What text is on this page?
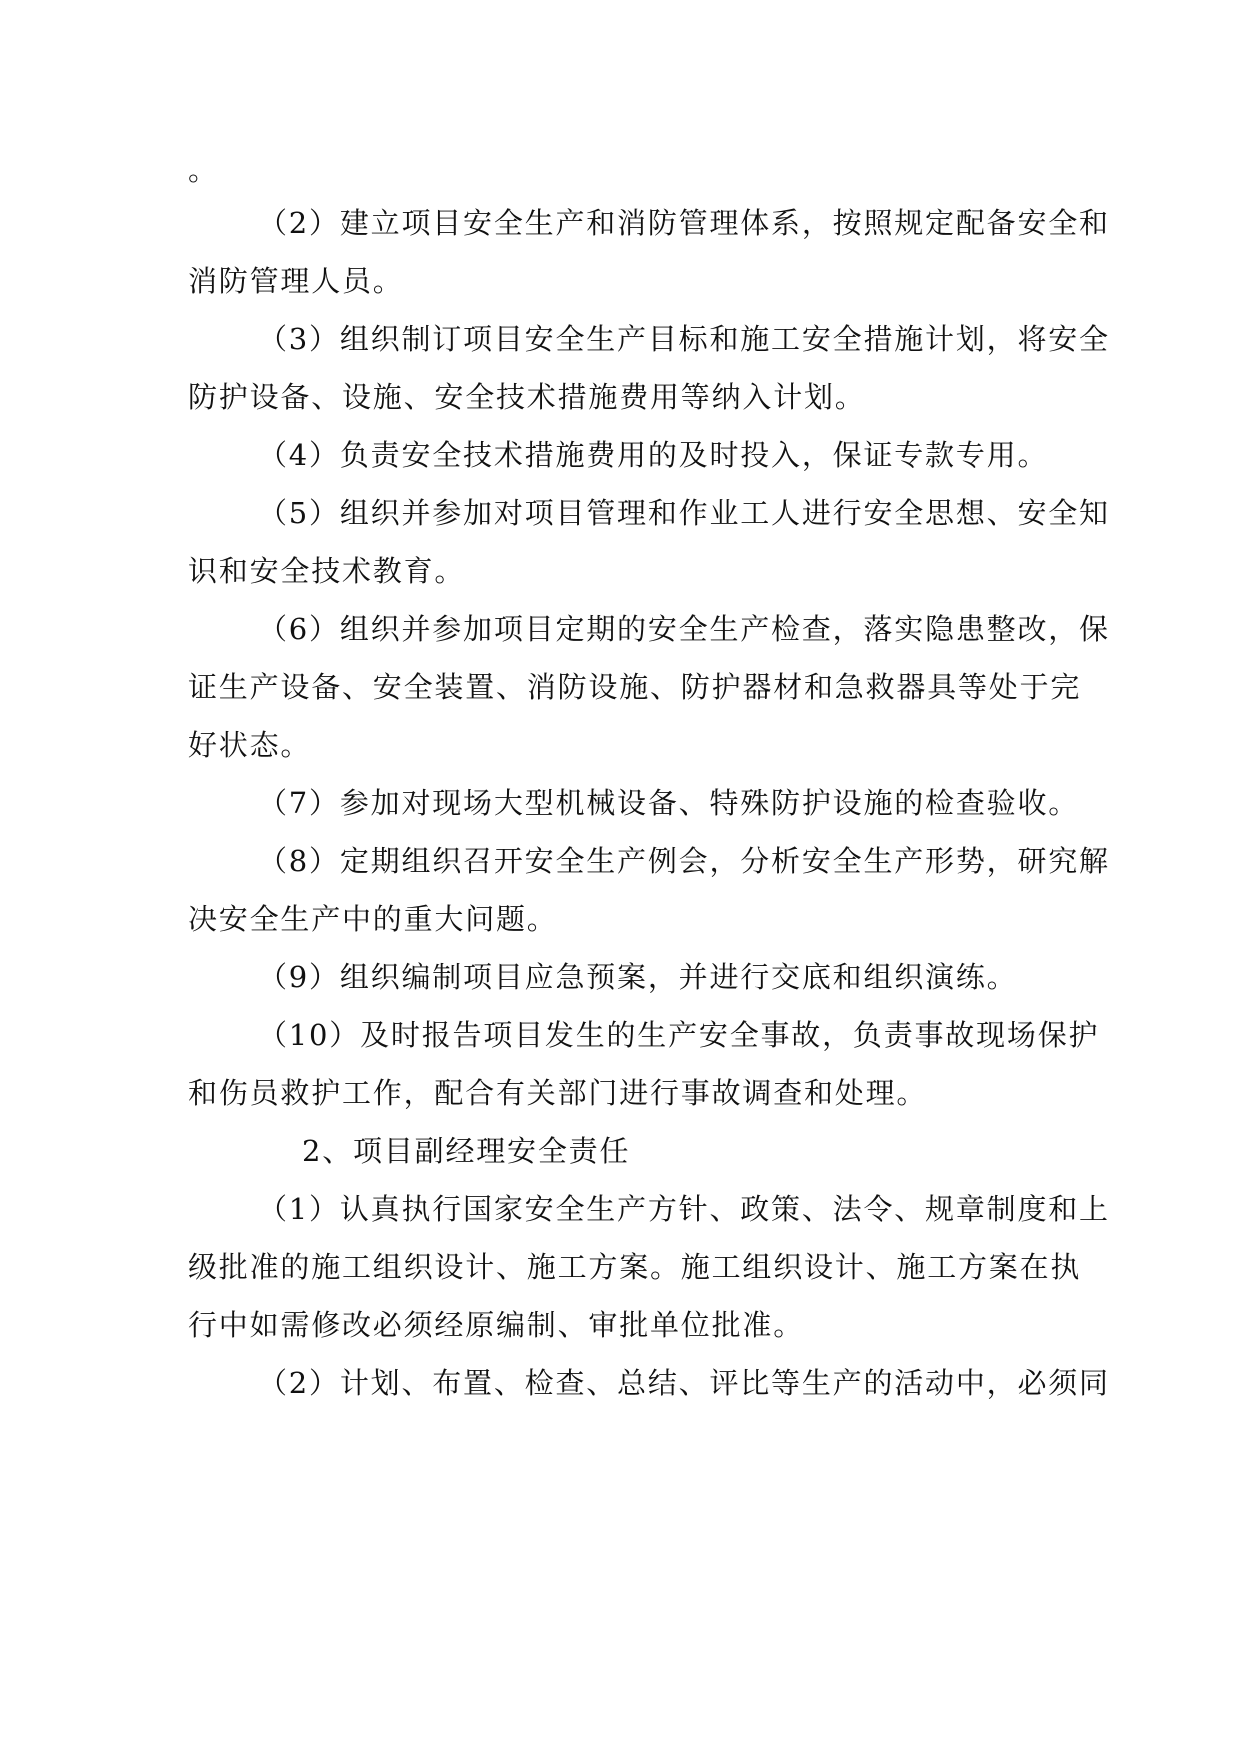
。
（2）建立项目安全生产和消防管理体系，按照规定配备安全和
消防管理人员。
（3）组织制订项目安全生产目标和施工安全措施计划，将安全
防护设备、设施、安全技术措施费用等纳入计划。
（4）负责安全技术措施费用的及时投入，保证专款专用。
（5）组织并参加对项目管理和作业工人进行安全思想、安全知
识和安全技术教育。
（6）组织并参加项目定期的安全生产检查，落实隐患整改，保
证生产设备、安全装置、消防设施、防护器材和急救器具等处于完
好状态。
（7）参加对现场大型机械设备、特殊防护设施的检查验收。
（8）定期组织召开安全生产例会，分析安全生产形势，研究解
决安全生产中的重大问题。
（9）组织编制项目应急预案，并进行交底和组织演练。
（10）及时报告项目发生的生产安全事故，负责事故现场保护
和伤员救护工作，配合有关部门进行事故调查和处理。
2、项目副经理安全责任
（1）认真执行国家安全生产方针、政策、法令、规章制度和上
级批准的施工组织设计、施工方案。施工组织设计、施工方案在执
行中如需修改必须经原编制、审批单位批准。
（2）计划、布置、检查、总结、评比等生产的活动中，必须同
